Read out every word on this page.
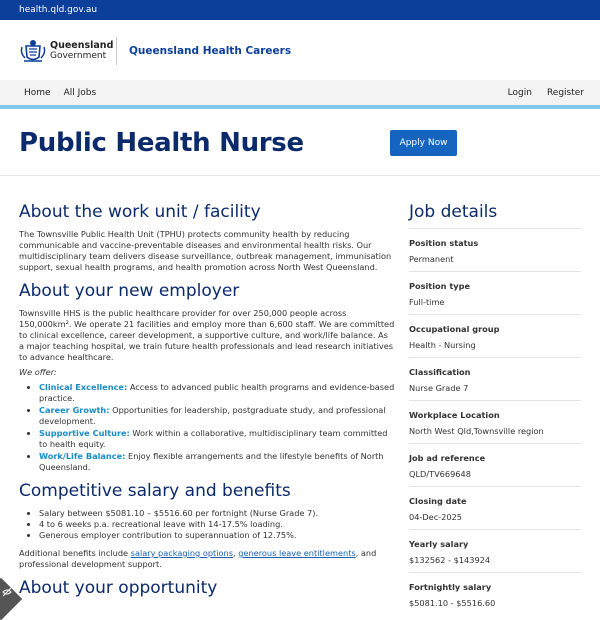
health.qld.gov.au
Queensland
Government	Queensland Health Careers
Home All Jobs	Login Register
Public Health Nurse	Apply Now
About the work unit / facility

The Townsville Public Health Unit (TPHU) protects community health by reducing communicable and vaccine-preventable diseases and environmental health risks. Our multidisciplinary team delivers disease surveillance, outbreak management, immunisation support, sexual health programs, and health promotion across North West Queensland.

About your new employer

Townsville HHS is the public healthcare provider for over 250,000 people across 150,000km². We operate 21 facilities and employ more than 6,600 staff. We are committed to clinical excellence, career development, a supportive culture, and work/life balance. As a major teaching hospital, we train future health professionals and lead research initiatives to advance healthcare.

We offer:

Clinical Excellence: Access to advanced public health programs and evidence-based practice.
Career Growth: Opportunities for leadership, postgraduate study, and professional development.
Supportive Culture: Work within a collaborative, multidisciplinary team committed to health equity.
Work/Life Balance: Enjoy flexible arrangements and the lifestyle benefits of North Queensland.
Competitive salary and benefits
Salary between $5081.10 – $5516.60 per fortnight (Nurse Grade 7).
4 to 6 weeks p.a. recreational leave with 14-17.5% loading.
Generous employer contribution to superannuation of 12.75%.

Additional benefits include salary packaging options, generous leave entitlements, and professional development support.

About your opportunity
Job details
Position status
Permanent
Position type
Full-time
Occupational group
Health - Nursing
Classification
Nurse Grade 7
Workplace Location
North West Qld,Townsville region
Job ad reference
QLD/TV669648
Closing date
04-Dec-2025
Yearly salary
$132562 - $143924
Fortnightly salary
$5081.10 - $5516.60
